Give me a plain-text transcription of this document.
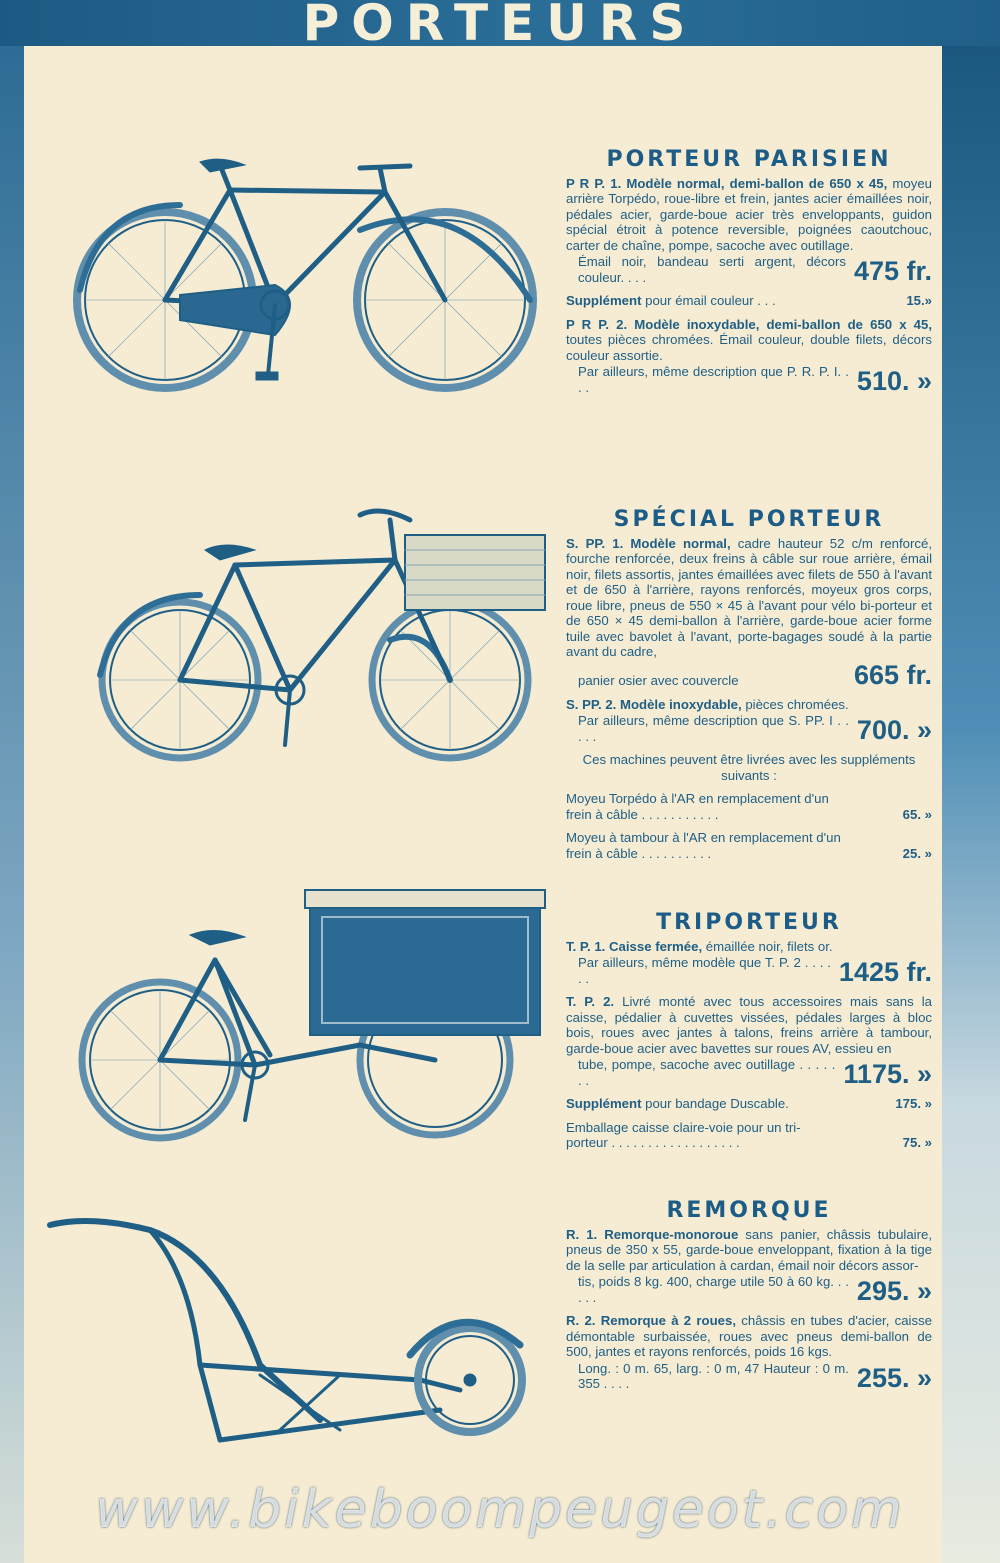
PORTEURS
PORTEUR PARISIEN
P R P. 1. Modèle normal, demi-ballon de 650 x 45, moyeu arrière Torpédo, roue-libre et frein, jantes acier émaillées noir, pédales acier, garde-boue acier très enveloppants, guidon spécial étroit à potence reversible, poignées caoutchouc, carter de chaîne, pompe, sacoche avec outillage.
Émail noir, bandeau serti argent, décors couleur. . . .	475 fr.
Supplément pour émail couleur . . .	15.»
P R P. 2. Modèle inoxydable, demi-ballon de 650 x 45, toutes pièces chromées. Émail couleur, double filets, décors couleur assortie.
Par ailleurs, même description que P. R. P. I. . . .	510. »
SPÉCIAL PORTEUR
S. PP. 1. Modèle normal, cadre hauteur 52 c/m renforcé, fourche renforcée, deux freins à câble sur roue arrière, émail noir, filets assortis, jantes émaillées avec filets de 550 à l'avant et de 650 à l'arrière, rayons renforcés, moyeux gros corps, roue libre, pneus de 550 × 45 à l'avant pour vélo bi-porteur et de 650 × 45 demi-ballon à l'arrière, garde-boue acier forme tuile avec bavolet à l'avant, porte-bagages soudé à la partie avant du cadre,
panier osier avec couvercle	665 fr.
S. PP. 2. Modèle inoxydable, pièces chromées.
Par ailleurs, même description que S. PP. I . . . . .	700. »
Ces machines peuvent être livrées avec les suppléments suivants :
Moyeu Torpédo à l'AR en remplacement d'un
frein à câble . . . . . . . . . . .	65. »
Moyeu à tambour à l'AR en remplacement d'un
frein à câble . . . . . . . . . .	25. »
TRIPORTEUR
T. P. 1. Caisse fermée, émaillée noir, filets or.
Par ailleurs, même modèle que T. P. 2 . . . . . .	1425 fr.
T. P. 2. Livré monté avec tous accessoires mais sans la caisse, pédalier à cuvettes vissées, pédales larges à bloc bois, roues avec jantes à talons, freins arrière à tambour, garde-boue acier avec bavettes sur roues AV, essieu en
tube, pompe, sacoche avec outillage . . . . . . .	1175. »
Supplément pour bandage Duscable.	175. »
Emballage caisse claire-voie pour un tri-
porteur . . . . . . . . . . . . . . . . . .	75. »
REMORQUE
R. 1. Remorque-monoroue sans panier, châssis tubulaire, pneus de 350 x 55, garde-boue enveloppant, fixation à la tige de la selle par articulation à cardan, émail noir décors assor-
tis, poids 8 kg. 400, charge utile 50 à 60 kg. . . . . .	295. »
R. 2. Remorque à 2 roues, châssis en tubes d'acier, caisse démontable surbaissée, roues avec pneus demi-ballon de 500, jantes et rayons renforcés, poids 16 kgs.
Long. : 0 m. 65, larg. : 0 m, 47 Hauteur : 0 m. 355 . . . .	255. »
www.bikeboompeugeot.com
